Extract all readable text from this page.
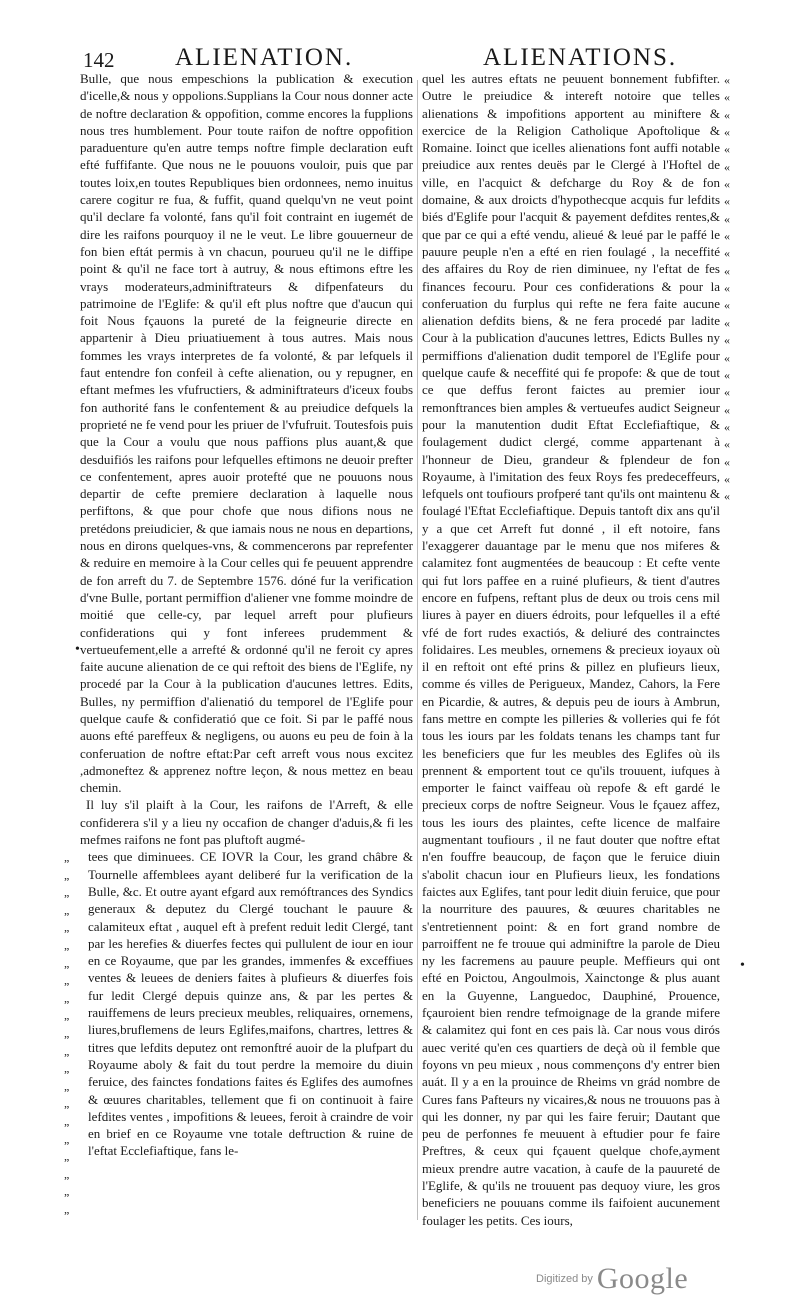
142 ALIENATION.	ALIENATIONS.

Bulle, que nous empeschions la publication & execution d'icelle,& nous y oppolions.Supplians la Cour nous donner acte de noftre declaration & oppofition, comme encores la fupplions nous tres humblement. Pour toute raifon de noftre oppofition paraduenture qu'en autre temps noftre fimple declaration euft efté fuffifante. Que nous ne le pouuons vouloir, puis que par toutes loix,en toutes Republiques bien ordonnees, nemo inuitus carere cogitur re fua, & fuffit, quand quelqu'vn ne veut point qu'il declare fa volonté, fans qu'il foit contraint en iugemét de dire les raifons pourquoy il ne le veut. Le libre gouuerneur de fon bien eftát permis à vn chacun, pourueu qu'il ne le diffipe point & qu'il ne face tort à autruy, & nous eftimons eftre les vrays moderateurs,adminiftrateurs & difpenfateurs du patrimoine de l'Eglife: & qu'il eft plus noftre que d'aucun qui foit Nous fçauons la pureté de la feigneurie directe en appartenir à Dieu priuatiuement à tous autres. Mais nous fommes les vrays interpretes de fa volonté, & par lefquels il faut entendre fon confeil à cefte alienation, ou y repugner, en eftant mefmes les vfufructiers, & adminiftrateurs d'iceux foubs fon authorité fans le confentement & au preiudice defquels la proprieté ne fe vend pour les priuer de l'vfufruit. Toutesfois puis que la Cour a voulu que nous paffions plus auant,& que desduifiós les raifons pour lefquelles eftimons ne deuoir prefter ce confentement, apres auoir protefté que ne pouuons nous departir de cefte premiere declaration à laquelle nous perfiftons, & que pour chofe que nous difions nous ne pretédons preiudicier, & que iamais nous ne nous en departions, nous en dirons quelques-vns, & commencerons par reprefenter & reduire en memoire à la Cour celles qui fe peuuent apprendre de fon arreft du 7. de Septembre 1576. dóné fur la verification d'vne Bulle, portant permiffion d'aliener vne fomme moindre de moitié que celle-cy, par lequel arreft pour plufieurs confiderations qui y font inferees prudemment & vertueufement,elle a arrefté & ordonné qu'il ne feroit cy apres faite aucune alienation de ce qui reftoit des biens de l'Eglife, ny procedé par la Cour à la publication d'aucunes lettres. Edits, Bulles, ny permiffion d'alienatió du temporel de l'Eglife pour quelque caufe & confideratió que ce foit. Si par le paffé nous auons efté pareffeux & negligens, ou auons eu peu de foin à la conferuation de noftre eftat:Par ceft arreft vous nous excitez ,admoneftez & apprenez noftre leçon, & nous mettez en beau chemin.

Il luy s'il plaift à la Cour, les raifons de l'Arreft, & elle confiderera s'il y a lieu ny occafion de changer d'aduis,& fi les mefmes raifons ne font pas pluftoft augmé-

tees que diminuees. CE IOVR la Cour, les grand châbre & Tournelle affemblees ayant deliberé fur la verification de la Bulle, &c. Et outre ayant efgard aux remóftrances des Syndics generaux & deputez du Clergé touchant le pauure & calamiteux eftat , auquel eft à prefent reduit ledit Clergé, tant par les herefies & diuerfes fectes qui pullulent de iour en iour en ce Royaume, que par les grandes, immenfes & exceffiues ventes & leuees de deniers faites à plufieurs & diuerfes fois fur ledit Clergé depuis quinze ans, & par les pertes & rauiffemens de leurs precieux meubles, reliquaires, ornemens, liures,bruflemens de leurs Eglifes,maifons, chartres, lettres & titres que lefdits deputez ont remonftré auoir de la plufpart du Royaume aboly & fait du tout perdre la memoire du diuin feruice, des fainctes fondations faites és Eglifes des aumofnes & œuures charitables, tellement que fi on continuoit à faire lefdites ventes , impofitions & leuees, feroit à craindre de voir en brief en ce Royaume vne totale deftruction & ruine de l'eftat Ecclefiaftique, fans le-

quel les autres eftats ne peuuent bonnement fubfifter. Outre le preiudice & intereft notoire que telles alienations & impofitions apportent au miniftere & exercice de la Religion Catholique Apoftolique & Romaine. Ioinct que icelles alienations font auffi notable preiudice aux rentes deuës par le Clergé à l'Hoftel de ville, en l'acquict & defcharge du Roy & de fon domaine, & aux droicts d'hypothecque acquis fur lefdits biés d'Eglife pour l'acquit & payement defdites rentes,& que par ce qui a efté vendu, alieué & leué par le paffé le pauure peuple n'en a efté en rien foulagé , la neceffité des affaires du Roy de rien diminuee, ny l'eftat de fes finances fecouru. Pour ces confiderations & pour la conferuation du furplus qui refte ne fera faite aucune alienation defdits biens, & ne fera procedé par ladite Cour à la publication d'aucunes lettres, Edicts Bulles ny permiffions d'alienation dudit temporel de l'Eglife pour quelque caufe & neceffité qui fe propofe: & que de tout ce que deffus feront faictes au premier iour remonftrances bien amples & vertueufes audict Seigneur pour la manutention dudit Eftat Ecclefiaftique, & foulagement dudict clergé, comme appartenant à l'honneur de Dieu, grandeur & fplendeur de fon Royaume, à l'imitation des feux Roys fes predeceffeurs, lefquels ont toufiours profperé tant qu'ils ont maintenu & foulagé l'Eftat Ecclefiaftique. Depuis tantoft dix ans qu'il y a que cet Arreft fut donné , il eft notoire, fans l'exaggerer dauantage par le menu que nos miferes & calamitez font augmentées de beaucoup : Et cefte vente qui fut lors paffee en a ruiné plufieurs, & tient d'autres encore en fufpens, reftant plus de deux ou trois cens mil liures à payer en diuers édroits, pour lefquelles il a efté vfé de fort rudes exactiós, & deliuré des contrainctes folidaires. Les meubles, ornemens & precieux ioyaux où il en reftoit ont efté prins & pillez en plufieurs lieux, comme és villes de Perigueux, Mandez, Cahors, la Fere en Picardie, & autres, & depuis peu de iours à Ambrun, fans mettre en compte les pilleries & volleries qui fe fót tous les iours par les foldats tenans les champs tant fur les beneficiers que fur les meubles des Eglifes où ils prennent & emportent tout ce qu'ils trouuent, iufques à emporter le fainct vaiffeau où repofe & eft gardé le precieux corps de noftre Seigneur. Vous le fçauez affez, tous les iours des plaintes, cefte licence de malfaire augmentant toufiours , il ne faut douter que noftre eftat n'en fouffre beaucoup, de façon que le feruice diuin s'abolit chacun iour en Plufieurs lieux, les fondations faictes aux Eglifes, tant pour ledit diuin feruice, que pour la nourriture des pauures, & œuures charitables ne s'entretiennent point: & en fort grand nombre de parroiffent ne fe trouue qui adminiftre la parole de Dieu ny les facremens au pauure peuple. Meffieurs qui ont efté en Poictou, Angoulmois, Xainctonge & plus auant en la Guyenne, Languedoc, Dauphiné, Prouence, fçauroient bien rendre tefmoignage de la grande mifere & calamitez qui font en ces pais là. Car nous vous dirós auec verité qu'en ces quartiers de deçà où il femble que foyons vn peu mieux , nous commençons d'y entrer bien auát. Il y a en la prouince de Rheims vn grád nombre de Cures fans Pafteurs ny vicaires,& nous ne trouuons pas à qui les donner, ny par qui les faire feruir; Dautant que peu de perfonnes fe meuuent à eftudier pour fe faire Preftres, & ceux qui fçauent quelque chofe,ayment mieux prendre autre vacation, à caufe de la pauureté de l'Eglife, & qu'ils ne trouuent pas dequoy viure, les gros beneficiers ne pouuans comme ils faifoient aucunement foulager les petits. Ces iours,

«
«
«
«
«
«
«
«
«
«
«
«
«
«
«
«
«
«
«
«
«
«
«
«
«
„
„
„
„
„
„
„
„
„
„
„
„
„
„
„
„
„
„
„
„
„
•
•
Digitized by Google
